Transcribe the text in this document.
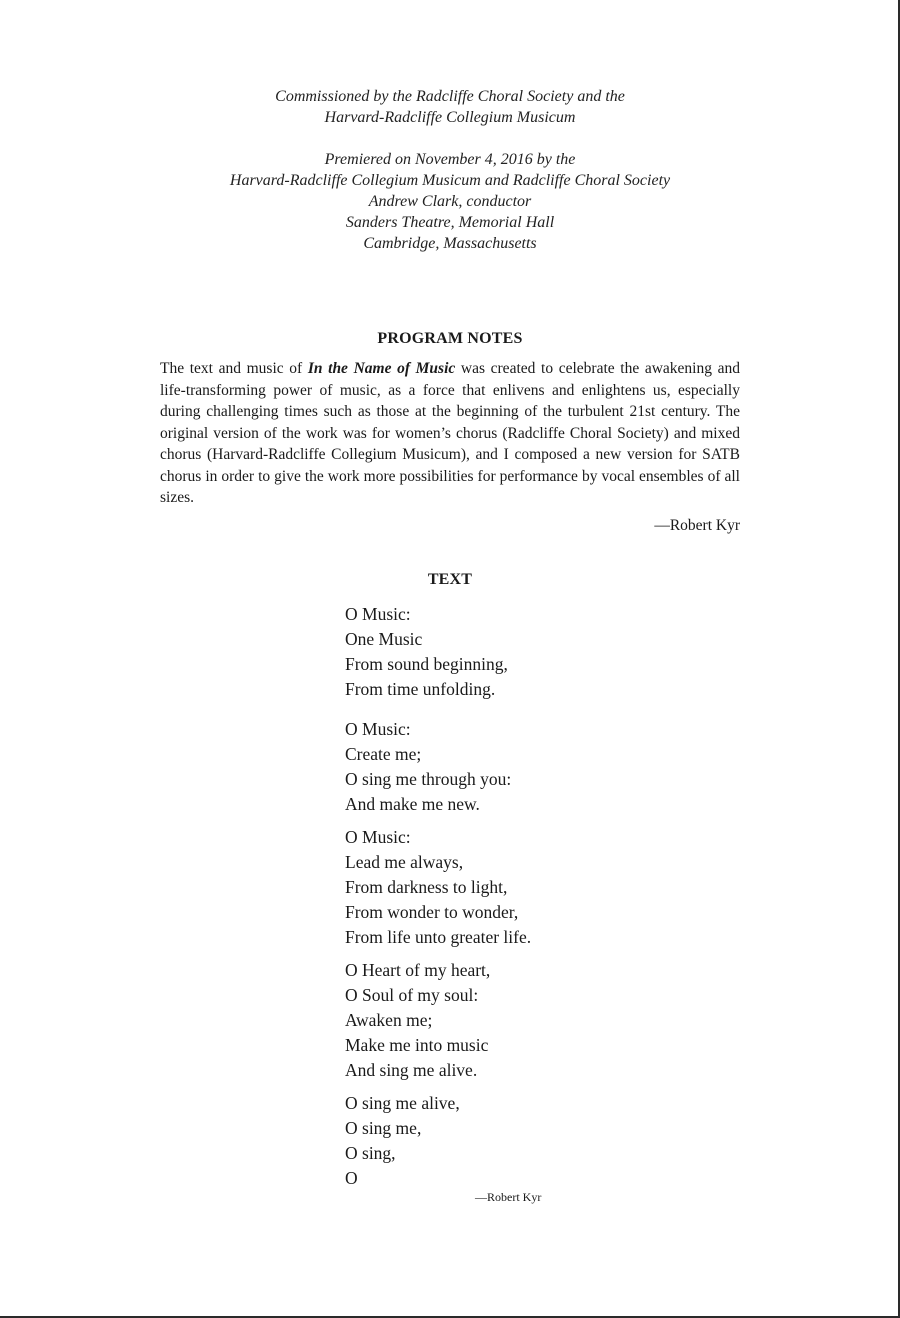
Commissioned by the Radcliffe Choral Society and the
Harvard-Radcliffe Collegium Musicum
Premiered on November 4, 2016 by the
Harvard-Radcliffe Collegium Musicum and Radcliffe Choral Society
Andrew Clark, conductor
Sanders Theatre, Memorial Hall
Cambridge, Massachusetts
PROGRAM NOTES

The text and music of In the Name of Music was created to celebrate the awakening and life-transforming power of music, as a force that enlivens and enlightens us, especially during challenging times such as those at the beginning of the turbulent 21st century. The original version of the work was for women’s chorus (Radcliffe Choral Society) and mixed chorus (Harvard-Radcliffe Collegium Musicum), and I composed a new version for SATB chorus in order to give the work more possibilities for performance by vocal ensembles of all sizes.

—Robert Kyr
TEXT
O Music:
One Music
From sound beginning,
From time unfolding.
O Music:
Create me;
O sing me through you:
And make me new.
O Music:
Lead me always,
From darkness to light,
From wonder to wonder,
From life unto greater life.
O Heart of my heart,
O Soul of my soul:
Awaken me;
Make me into music
And sing me alive.
O sing me alive,
O sing me,
O sing,
O
—Robert Kyr
